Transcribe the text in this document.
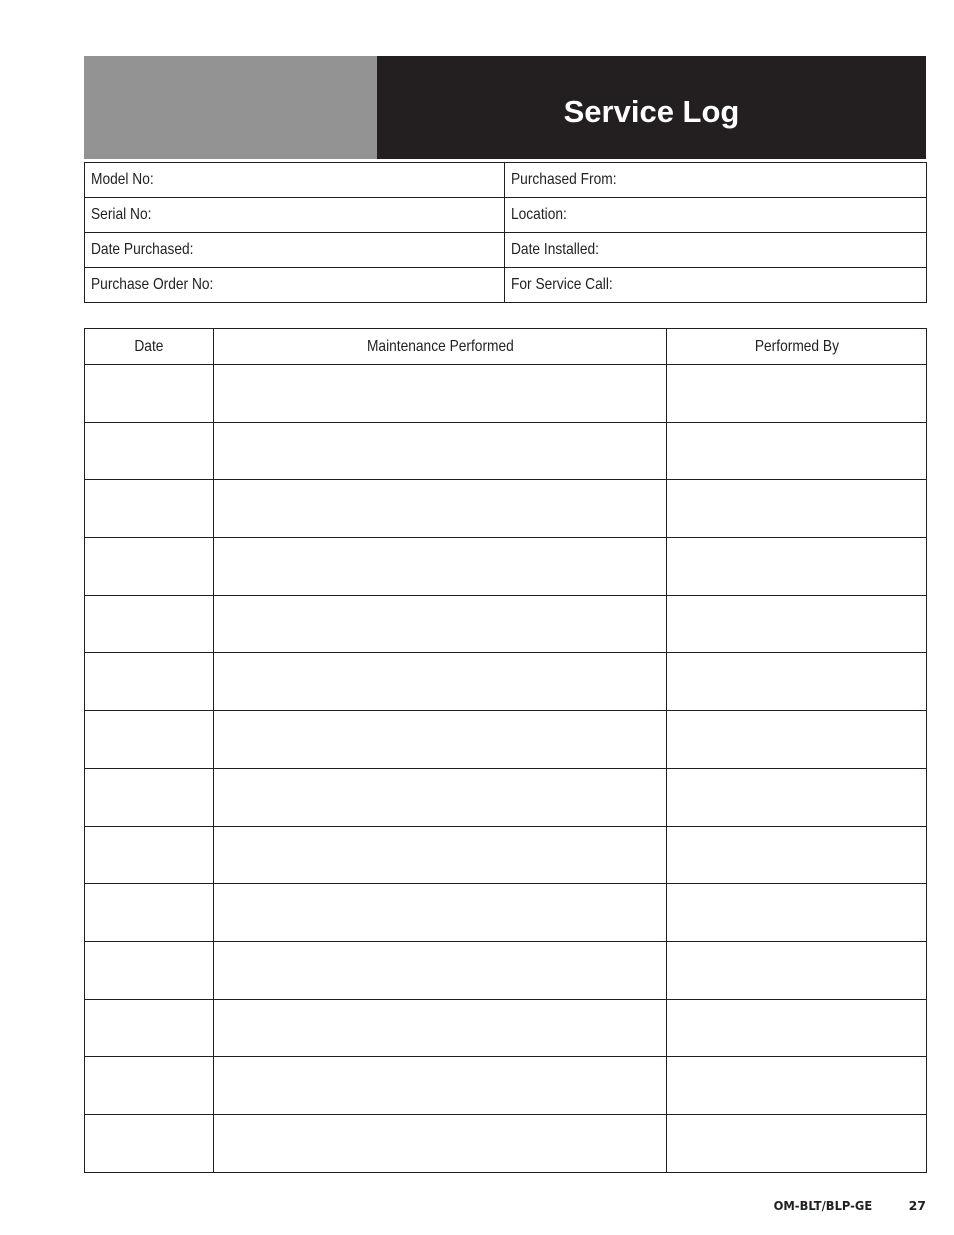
Service Log
Model No:	Purchased From:
Serial No:	Location:
Date Purchased:	Date Installed:
Purchase Order No:	For Service Call:
Date	Maintenance Performed	Performed By

OM-BLT/BLP-GE	27
